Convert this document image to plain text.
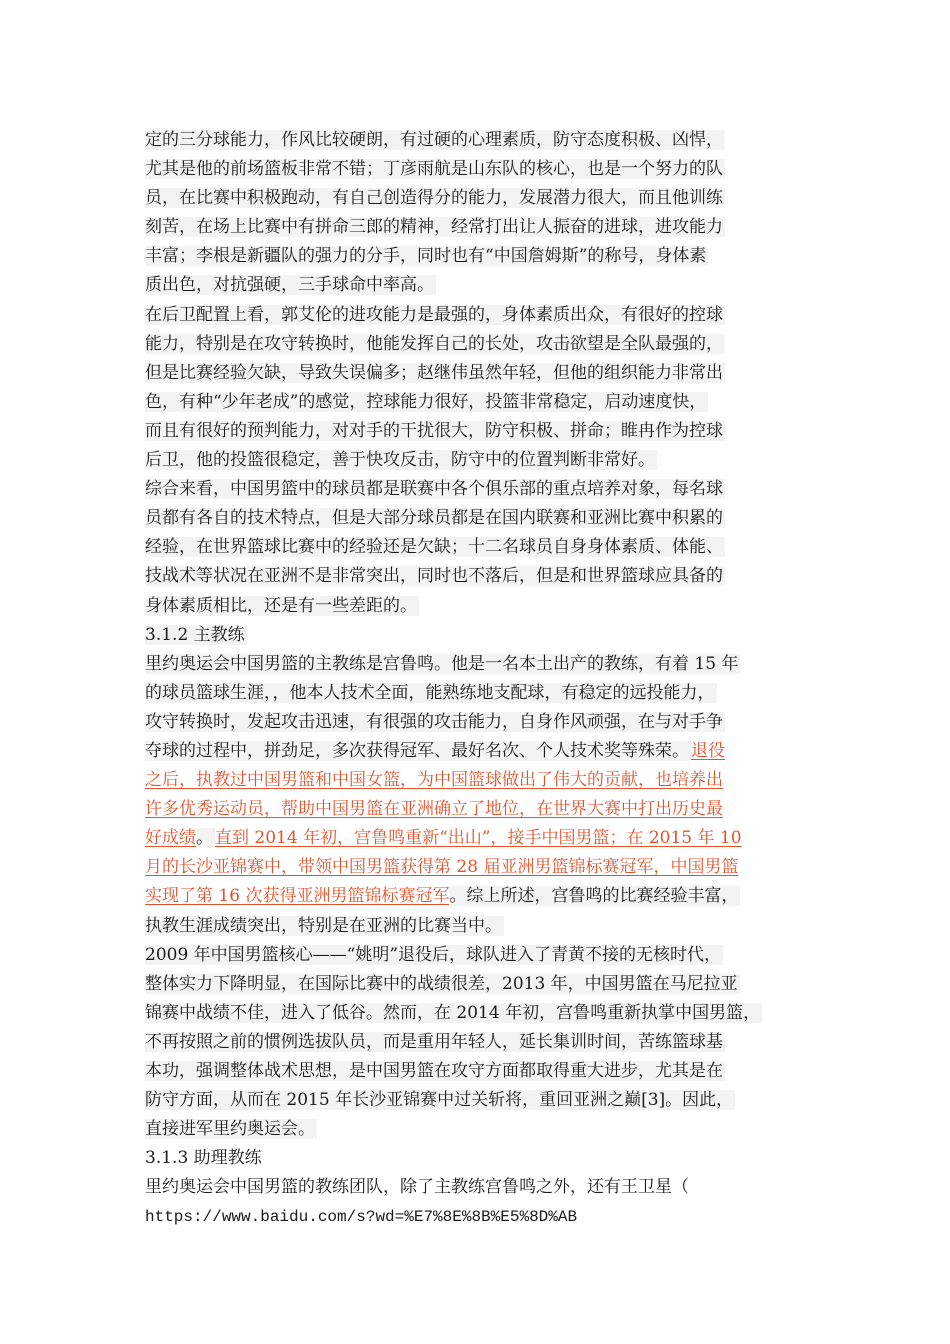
定的三分球能力，作风比较硬朗，有过硬的心理素质，防守态度积极、凶悍，
尤其是他的前场篮板非常不错；丁彦雨航是山东队的核心，也是一个努力的队
员，在比赛中积极跑动，有自己创造得分的能力，发展潜力很大，而且他训练
刻苦，在场上比赛中有拼命三郎的精神，经常打出让人振奋的进球，进攻能力
丰富；李根是新疆队的强力的分手，同时也有“中国詹姆斯”的称号，身体素
质出色，对抗强硬，三手球命中率高。
在后卫配置上看，郭艾伦的进攻能力是最强的，身体素质出众，有很好的控球
能力，特别是在攻守转换时，他能发挥自己的长处，攻击欲望是全队最强的，
但是比赛经验欠缺，导致失误偏多；赵继伟虽然年轻，但他的组织能力非常出
色，有种“少年老成”的感觉，控球能力很好，投篮非常稳定，启动速度快，
而且有很好的预判能力，对对手的干扰很大，防守积极、拼命；睢冉作为控球
后卫，他的投篮很稳定，善于快攻反击，防守中的位置判断非常好。
综合来看，中国男篮中的球员都是联赛中各个俱乐部的重点培养对象，每名球
员都有各自的技术特点，但是大部分球员都是在国内联赛和亚洲比赛中积累的
经验，在世界篮球比赛中的经验还是欠缺；十二名球员自身身体素质、体能、
技战术等状况在亚洲不是非常突出，同时也不落后，但是和世界篮球应具备的
身体素质相比，还是有一些差距的。
3.1.2 主教练
里约奥运会中国男篮的主教练是宫鲁鸣。他是一名本土出产的教练，有着 15 年
的球员篮球生涯，，他本人技术全面，能熟练地支配球，有稳定的远投能力，
攻守转换时，发起攻击迅速，有很强的攻击能力，自身作风顽强，在与对手争
夺球的过程中，拼劲足，多次获得冠军、最好名次、个人技术奖等殊荣。 退役
之后，执教过中国男篮和中国女篮，为中国篮球做出了伟大的贡献，也培养出
许多优秀运动员，帮助中国男篮在亚洲确立了地位，在世界大赛中打出历史最
好成绩。 直到 2014 年初，宫鲁鸣重新“出山”，接手中国男篮；在 2015 年 10
月的长沙亚锦赛中，带领中国男篮获得第 28 届亚洲男篮锦标赛冠军，中国男篮
实现了第 16 次获得亚洲男篮锦标赛冠军。综上所述，宫鲁鸣的比赛经验丰富，
执教生涯成绩突出，特别是在亚洲的比赛当中。
2009 年中国男篮核心——“姚明”退役后，球队进入了青黄不接的无核时代，
整体实力下降明显，在国际比赛中的战绩很差，2013 年，中国男篮在马尼拉亚
锦赛中战绩不佳，进入了低谷。然而，在 2014 年初，宫鲁鸣重新执掌中国男篮，
不再按照之前的惯例选拔队员，而是重用年轻人，延长集训时间，苦练篮球基
本功，强调整体战术思想，是中国男篮在攻守方面都取得重大进步，尤其是在
防守方面，从而在 2015 年长沙亚锦赛中过关斩将，重回亚洲之巅[3]。因此，
直接进军里约奥运会。
3.1.3 助理教练
里约奥运会中国男篮的教练团队，除了主教练宫鲁鸣之外，还有王卫星（
https://www.baidu.com/s?wd=%E7%8E%8B%E5%8D%AB
